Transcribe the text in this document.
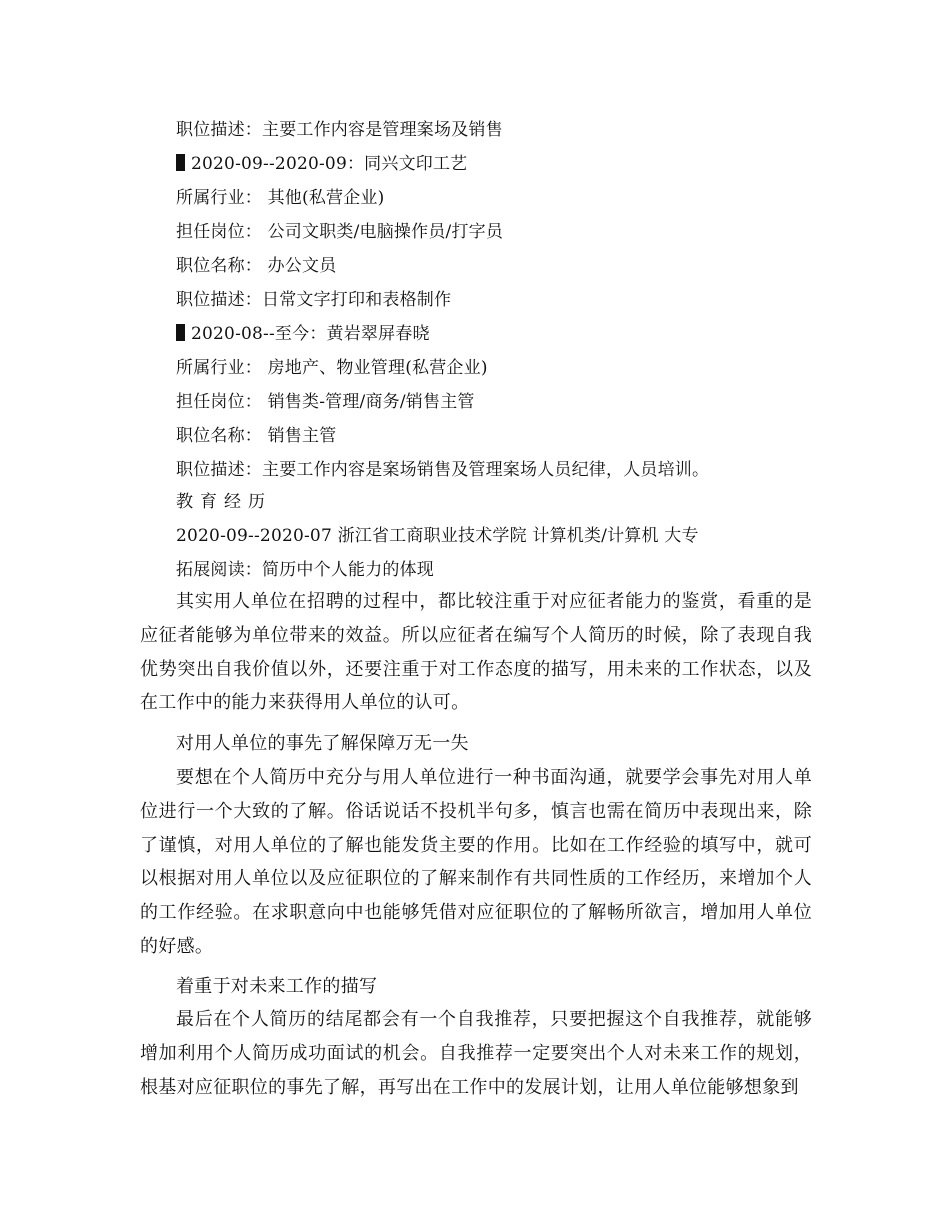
职位描述：主要工作内容是管理案场及销售
2020-09--2020-09：同兴文印工艺
所属行业： 其他(私营企业)
担任岗位： 公司文职类/电脑操作员/打字员
职位名称： 办公文员
职位描述：日常文字打印和表格制作
2020-08--至今：黄岩翠屏春晓
所属行业： 房地产、物业管理(私营企业)
担任岗位： 销售类-管理/商务/销售主管
职位名称： 销售主管
职位描述：主要工作内容是案场销售及管理案场人员纪律，人员培训。
教育经历
2020-09--2020-07 浙江省工商职业技术学院 计算机类/计算机 大专
拓展阅读：简历中个人能力的体现
其实用人单位在招聘的过程中，都比较注重于对应征者能力的鉴赏，看重的是应征者能够为单位带来的效益。所以应征者在编写个人简历的时候，除了表现自我优势突出自我价值以外，还要注重于对工作态度的描写，用未来的工作状态，以及在工作中的能力来获得用人单位的认可。
对用人单位的事先了解保障万无一失
要想在个人简历中充分与用人单位进行一种书面沟通，就要学会事先对用人单位进行一个大致的了解。俗话说话不投机半句多，慎言也需在简历中表现出来，除了谨慎，对用人单位的了解也能发货主要的作用。比如在工作经验的填写中，就可以根据对用人单位以及应征职位的了解来制作有共同性质的工作经历，来增加个人的工作经验。在求职意向中也能够凭借对应征职位的了解畅所欲言，增加用人单位的好感。
着重于对未来工作的描写
最后在个人简历的结尾都会有一个自我推荐，只要把握这个自我推荐，就能够增加利用个人简历成功面试的机会。自我推荐一定要突出个人对未来工作的规划，根基对应征职位的事先了解，再写出在工作中的发展计划，让用人单位能够想象到
